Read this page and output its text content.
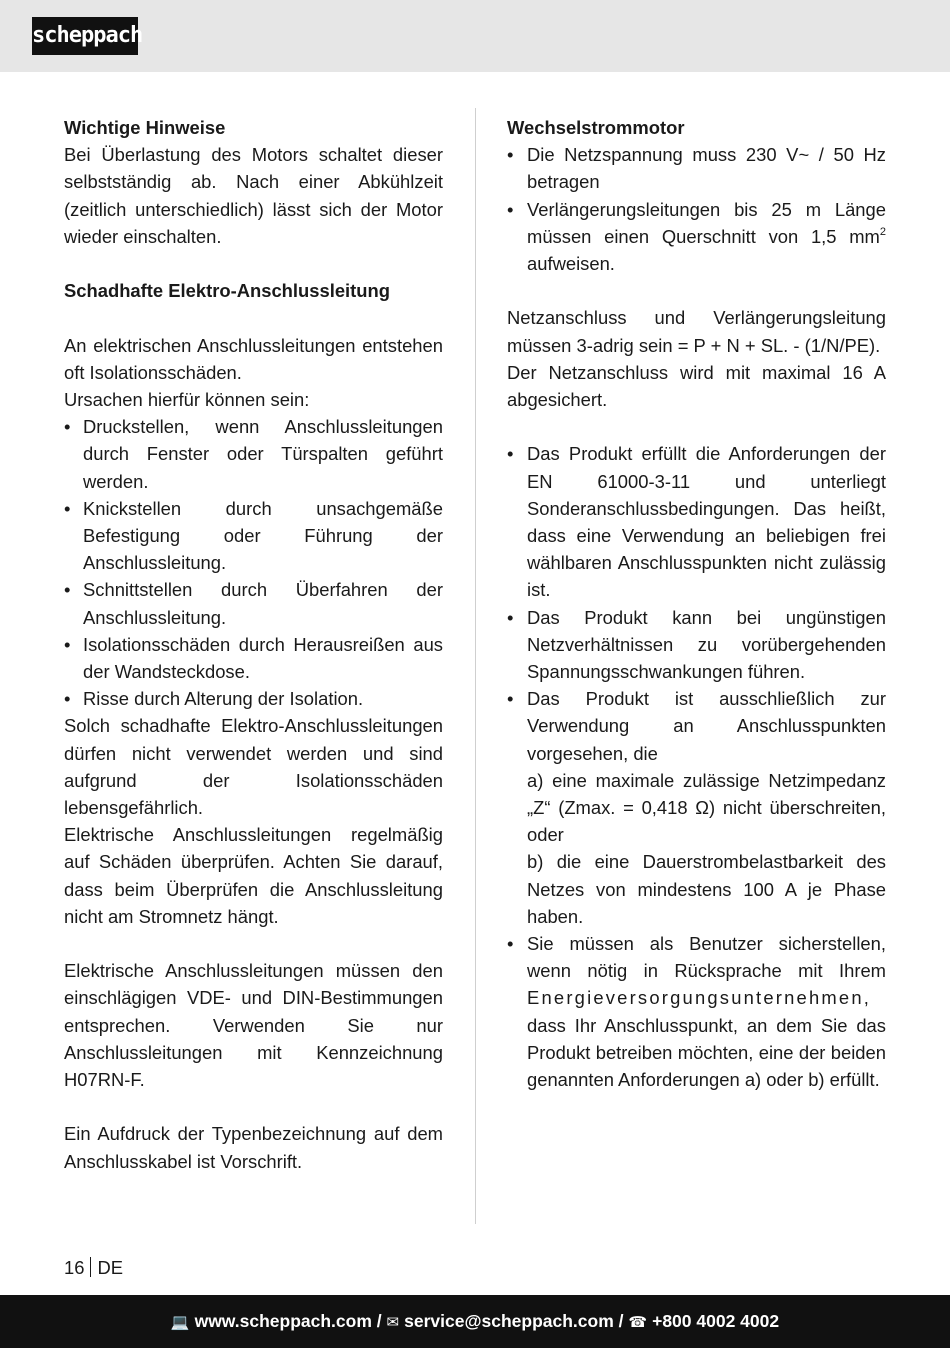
scheppach
Wichtige Hinweise
Bei Überlastung des Motors schaltet dieser selbstständig ab. Nach einer Abkühlzeit (zeitlich unterschiedlich) lässt sich der Motor wieder einschalten.
Schadhafte Elektro-Anschlussleitung
An elektrischen Anschlussleitungen entstehen oft Isolationsschäden.
Ursachen hierfür können sein:
• Druckstellen, wenn Anschlussleitungen durch Fenster oder Türspalten geführt werden.
• Knickstellen durch unsachgemäße Befestigung oder Führung der Anschlussleitung.
• Schnittstellen durch Überfahren der Anschlussleitung.
• Isolationsschäden durch Herausreißen aus der Wandsteckdose.
• Risse durch Alterung der Isolation.
Solch schadhafte Elektro-Anschlussleitungen dürfen nicht verwendet werden und sind aufgrund der Isolationsschäden lebensgefährlich.
Elektrische Anschlussleitungen regelmäßig auf Schäden überprüfen. Achten Sie darauf, dass beim Überprüfen die Anschlussleitung nicht am Stromnetz hängt.
Elektrische Anschlussleitungen müssen den einschlägigen VDE- und DIN-Bestimmungen entsprechen. Verwenden Sie nur Anschlussleitungen mit Kennzeichnung H07RN-F.
Ein Aufdruck der Typenbezeichnung auf dem Anschlusskabel ist Vorschrift.
Wechselstrommotor
• Die Netzspannung muss 230 V~ / 50 Hz betragen
• Verlängerungsleitungen bis 25 m Länge müssen einen Querschnitt von 1,5 $mm^2$ aufweisen.
Netzanschluss und Verlängerungsleitung müssen 3-adrig sein = P + N + SL. - (1/N/PE).
Der Netzanschluss wird mit maximal 16 A abgesichert.
• Das Produkt erfüllt die Anforderungen der EN 61000-3-11 und unterliegt Sonderanschlussbedingungen. Das heißt, dass eine Verwendung an beliebigen frei wählbaren Anschlusspunkten nicht zulässig ist.
• Das Produkt kann bei ungünstigen Netzverhältnissen zu vorübergehenden Spannungsschwankungen führen.
• Das Produkt ist ausschließlich zur Verwendung an Anschlusspunkten vorgesehen, die
a) eine maximale zulässige Netzimpedanz „Z“ (Zmax. = 0,418 Ω) nicht überschreiten, oder
b) die eine Dauerstrombelastbarkeit des Netzes von mindestens 100 A je Phase haben.
• Sie müssen als Benutzer sicherstellen, wenn nötig in Rücksprache mit Ihrem Energieversorgungsunternehmen, dass Ihr Anschlusspunkt, an dem Sie das Produkt betreiben möchten, eine der beiden genannten Anforderungen a) oder b) erfüllt.
16 DE
💻 www.scheppach.com / ✉ service@scheppach.com / ☎ +800 4002 4002
